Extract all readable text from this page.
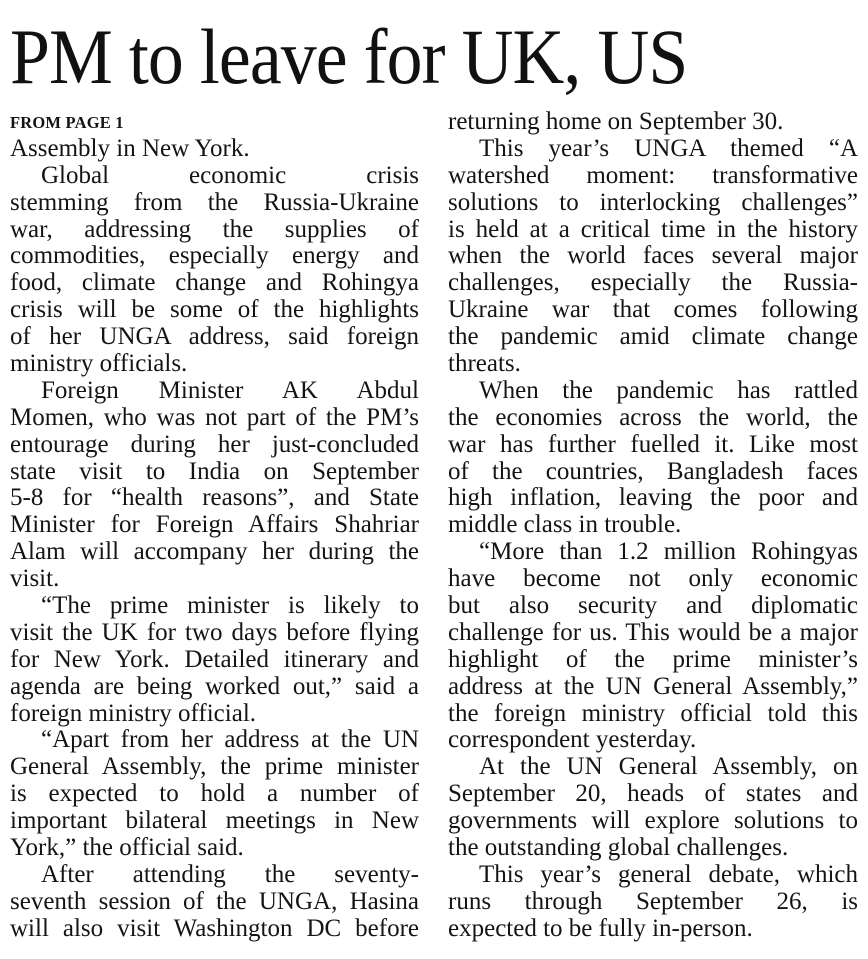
PM to leave for UK, US
FROM PAGE 1
Assembly in New York.
Global economic crisis
stemming from the Russia-Ukraine
war, addressing the supplies of
commodities, especially energy and
food, climate change and Rohingya
crisis will be some of the highlights
of her UNGA address, said foreign
ministry officials.
Foreign Minister AK Abdul
Momen, who was not part of the PM’s
entourage during her just-concluded
state visit to India on September
5-8 for “health reasons”, and State
Minister for Foreign Affairs Shahriar
Alam will accompany her during the
visit.
“The prime minister is likely to
visit the UK for two days before flying
for New York. Detailed itinerary and
agenda are being worked out,” said a
foreign ministry official.
“Apart from her address at the UN
General Assembly, the prime minister
is expected to hold a number of
important bilateral meetings in New
York,” the official said.
After attending the seventy-
seventh session of the UNGA, Hasina
will also visit Washington DC before
returning home on September 30.
This year’s UNGA themed “A
watershed moment: transformative
solutions to interlocking challenges”
is held at a critical time in the history
when the world faces several major
challenges, especially the Russia-
Ukraine war that comes following
the pandemic amid climate change
threats.
When the pandemic has rattled
the economies across the world, the
war has further fuelled it. Like most
of the countries, Bangladesh faces
high inflation, leaving the poor and
middle class in trouble.
“More than 1.2 million Rohingyas
have become not only economic
but also security and diplomatic
challenge for us. This would be a major
highlight of the prime minister’s
address at the UN General Assembly,”
the foreign ministry official told this
correspondent yesterday.
At the UN General Assembly, on
September 20, heads of states and
governments will explore solutions to
the outstanding global challenges.
This year’s general debate, which
runs through September 26, is
expected to be fully in-person.
